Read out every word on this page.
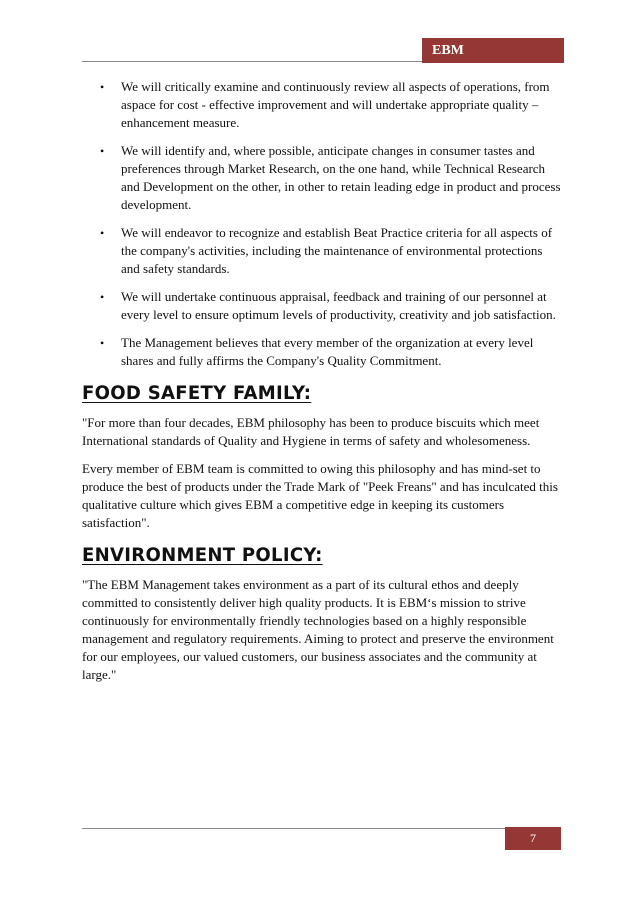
EBM
• We will critically examine and continuously review all aspects of operations, from aspace for cost - effective improvement and will undertake appropriate quality – enhancement measure.
• We will identify and, where possible, anticipate changes in consumer tastes and preferences through Market Research, on the one hand, while Technical Research and Development on the other, in other to retain leading edge in product and process development.
• We will endeavor to recognize and establish Beat Practice criteria for all aspects of the company's activities, including the maintenance of environmental protections and safety standards.
• We will undertake continuous appraisal, feedback and training of our personnel at every level to ensure optimum levels of productivity, creativity and job satisfaction.
• The Management believes that every member of the organization at every level shares and fully affirms the Company's Quality Commitment.
FOOD SAFETY FAMILY:

"For more than four decades, EBM philosophy has been to produce biscuits which meet International standards of Quality and Hygiene in terms of safety and wholesomeness.

Every member of EBM team is committed to owing this philosophy and has mind-set to produce the best of products under the Trade Mark of "Peek Freans" and has inculcated this qualitative culture which gives EBM a competitive edge in keeping its customers satisfaction".

ENVIRONMENT POLICY:

"The EBM Management takes environment as a part of its cultural ethos and deeply committed to consistently deliver high quality products. It is EBM‘s mission to strive continuously for environmentally friendly technologies based on a highly responsible management and regulatory requirements. Aiming to protect and preserve the environment for our employees, our valued customers, our business associates and the community at large."

7
